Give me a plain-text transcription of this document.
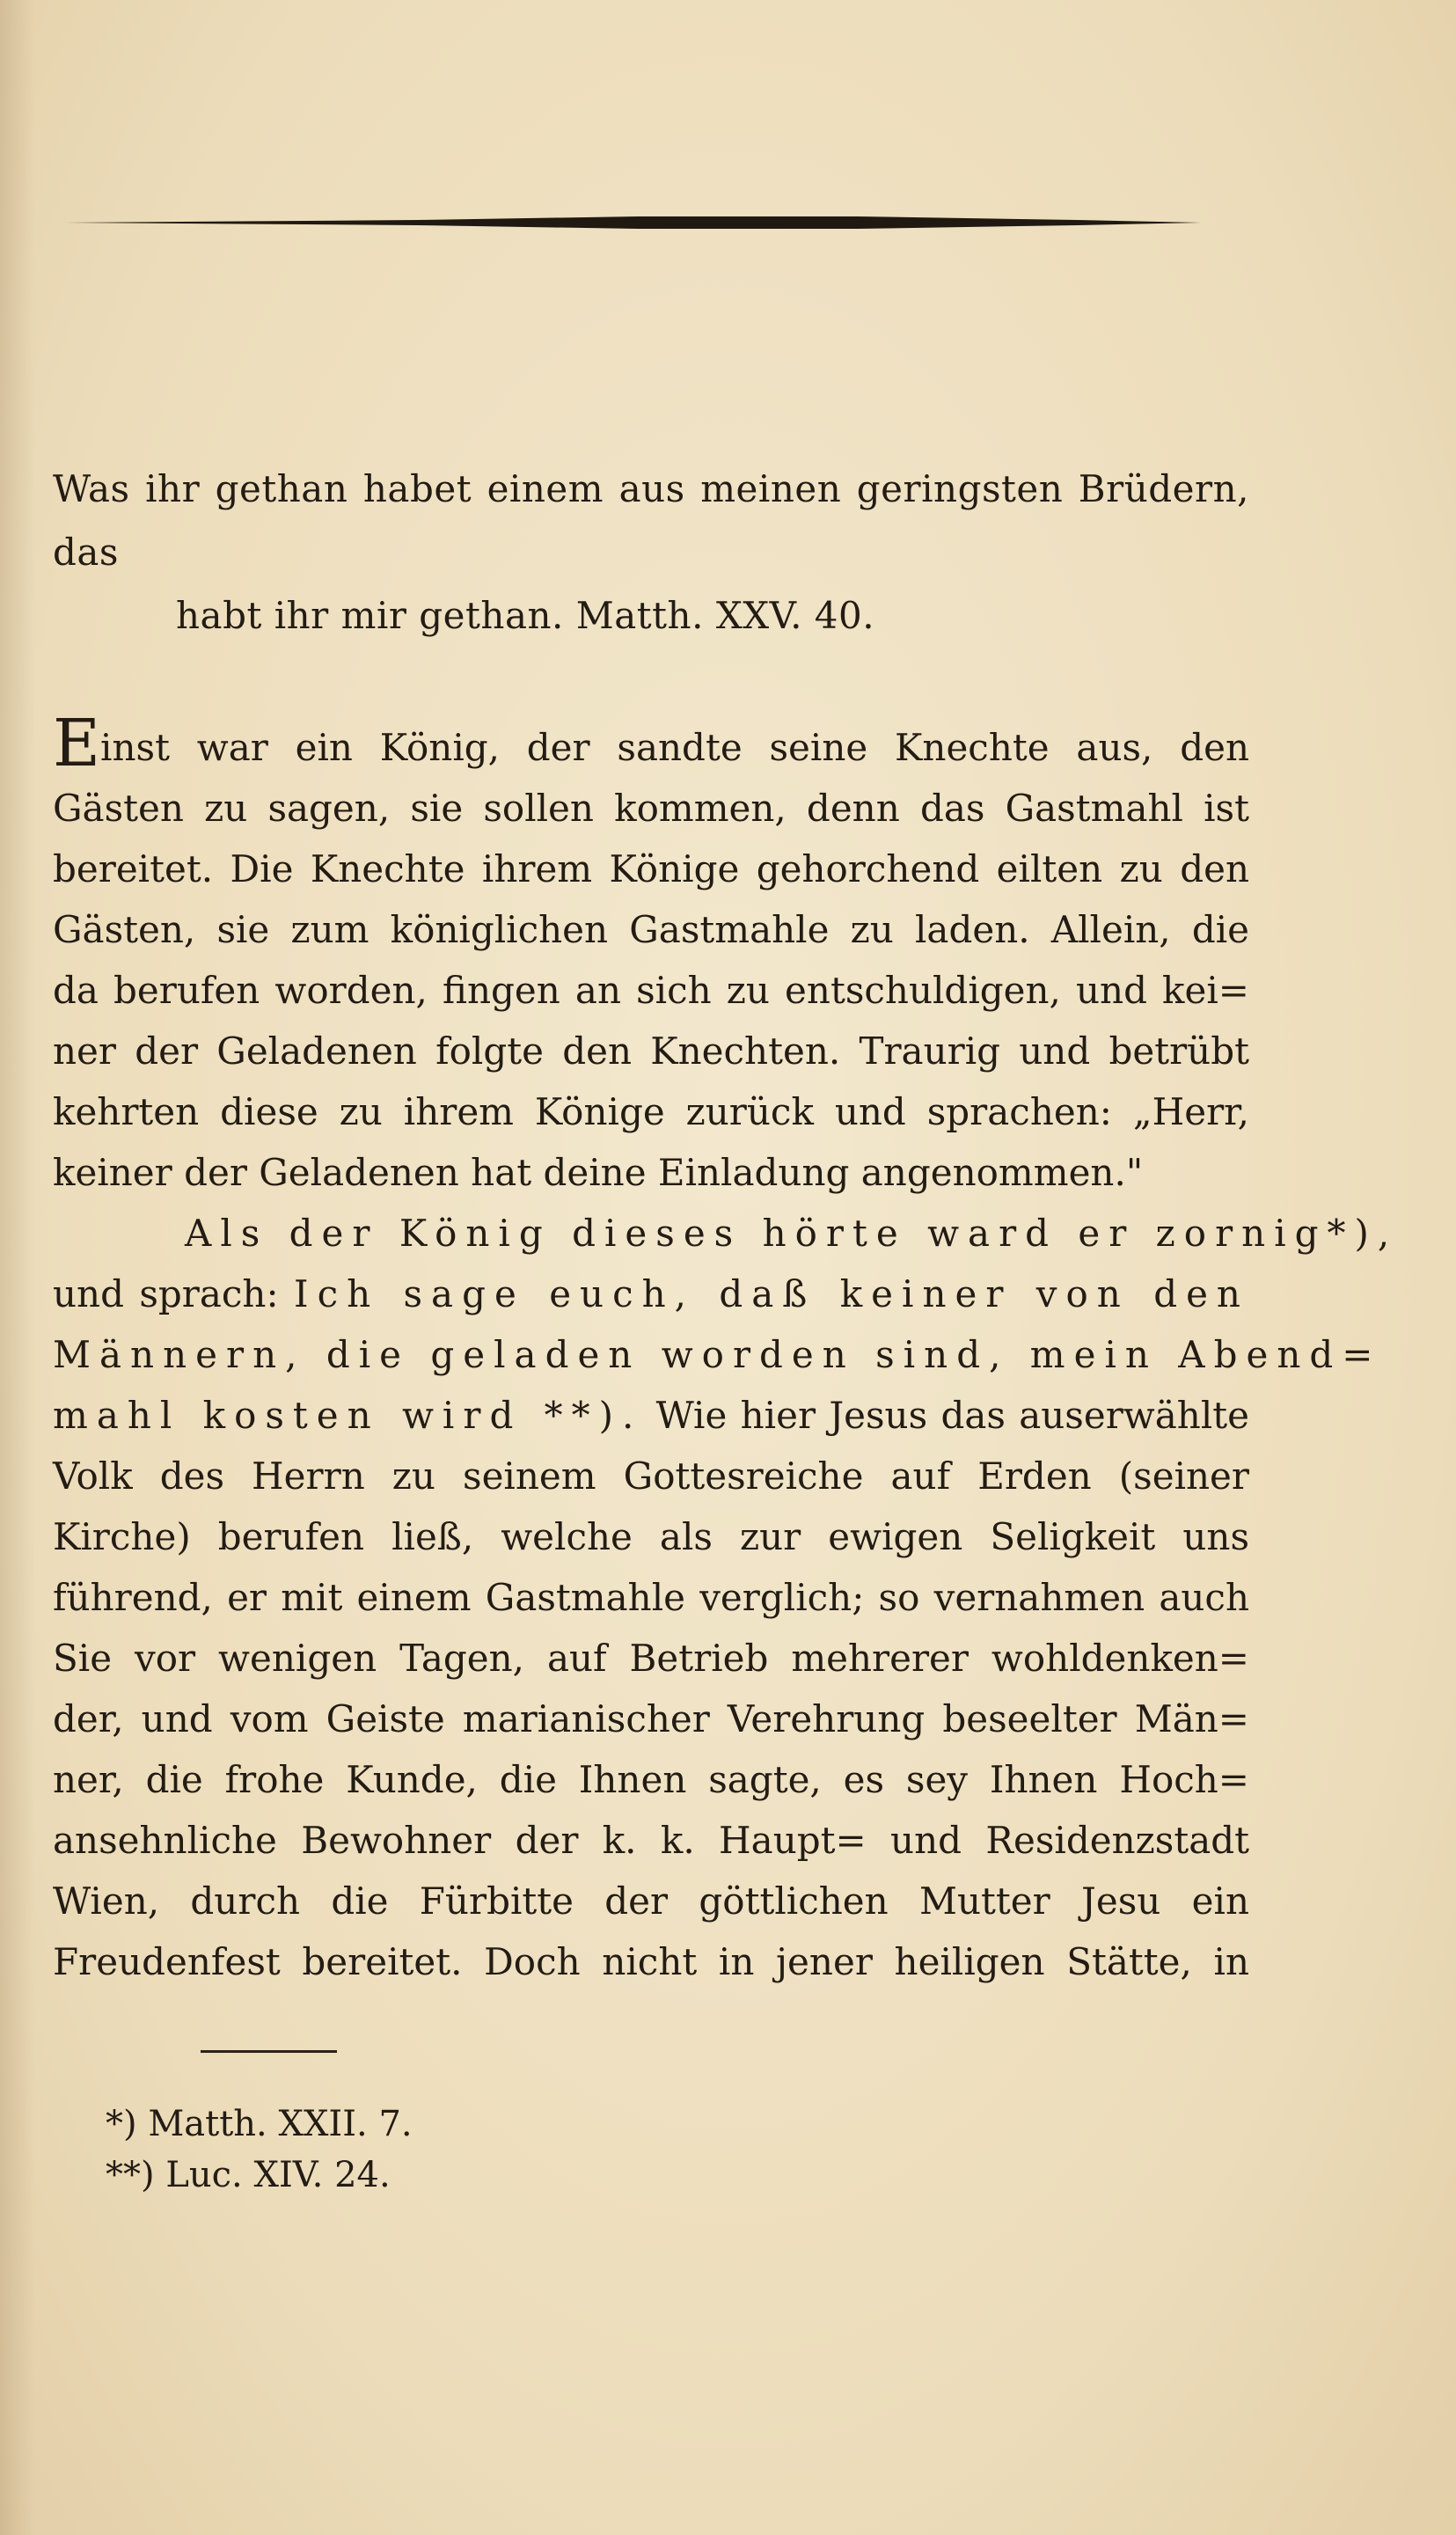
Was ihr gethan habet einem aus meinen geringsten Brüdern, das
habt ihr mir gethan. Matth. XXV. 40.
Einst war ein König, der sandte seine Knechte aus, den
Gästen zu sagen, sie sollen kommen, denn das Gastmahl ist
bereitet. Die Knechte ihrem Könige gehorchend eilten zu den
Gästen, sie zum königlichen Gastmahle zu laden. Allein, die
da berufen worden, fingen an sich zu entschuldigen, und kei=
ner der Geladenen folgte den Knechten. Traurig und betrübt
kehrten diese zu ihrem Könige zurück und sprachen: „Herr,
keiner der Geladenen hat deine Einladung angenommen."
Als der König dieses hörte ward er zornig*),
und sprach: Ich sage euch, daß keiner von den
Männern, die geladen worden sind, mein Abend=
mahl kosten wird **). Wie hier Jesus das auserwählte
Volk des Herrn zu seinem Gottesreiche auf Erden (seiner
Kirche) berufen ließ, welche als zur ewigen Seligkeit uns
führend, er mit einem Gastmahle verglich; so vernahmen auch
Sie vor wenigen Tagen, auf Betrieb mehrerer wohldenken=
der, und vom Geiste marianischer Verehrung beseelter Män=
ner, die frohe Kunde, die Ihnen sagte, es sey Ihnen Hoch=
ansehnliche Bewohner der k. k. Haupt= und Residenzstadt
Wien, durch die Fürbitte der göttlichen Mutter Jesu ein
Freudenfest bereitet. Doch nicht in jener heiligen Stätte, in
*) Matth. XXII. 7.
**) Luc. XIV. 24.
